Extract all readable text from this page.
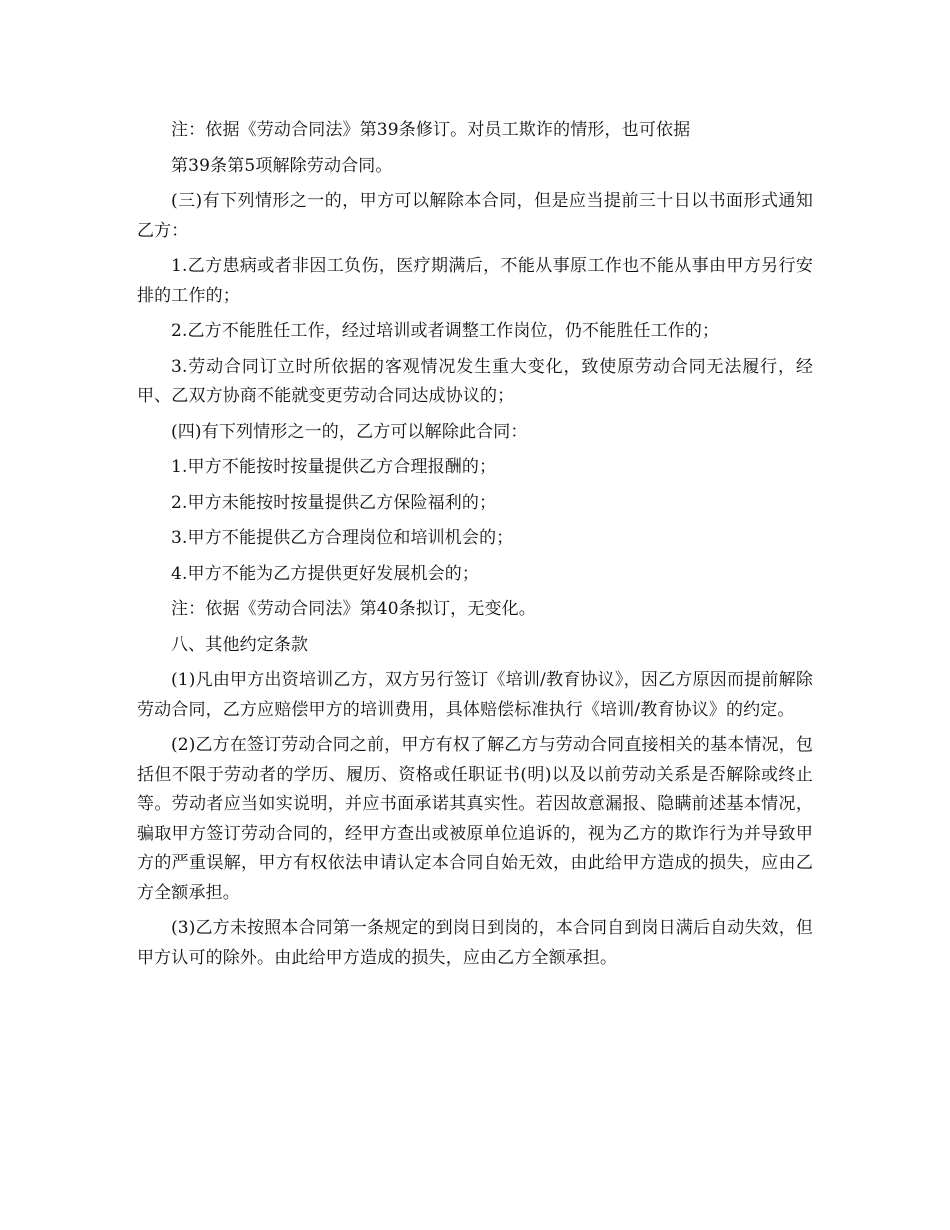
注：依据《劳动合同法》第39条修订。对员工欺诈的情形，也可依据

第39条第5项解除劳动合同。

(三)有下列情形之一的，甲方可以解除本合同，但是应当提前三十日以书面形式通知乙方：

1.乙方患病或者非因工负伤，医疗期满后，不能从事原工作也不能从事由甲方另行安排的工作的；

2.乙方不能胜任工作，经过培训或者调整工作岗位，仍不能胜任工作的；

3.劳动合同订立时所依据的客观情况发生重大变化，致使原劳动合同无法履行，经甲、乙双方协商不能就变更劳动合同达成协议的；

(四)有下列情形之一的，乙方可以解除此合同：

1.甲方不能按时按量提供乙方合理报酬的；

2.甲方未能按时按量提供乙方保险福利的；

3.甲方不能提供乙方合理岗位和培训机会的；

4.甲方不能为乙方提供更好发展机会的；

注：依据《劳动合同法》第40条拟订，无变化。

八、其他约定条款

(1)凡由甲方出资培训乙方，双方另行签订《培训/教育协议》，因乙方原因而提前解除劳动合同，乙方应赔偿甲方的培训费用，具体赔偿标准执行《培训/教育协议》的约定。

(2)乙方在签订劳动合同之前，甲方有权了解乙方与劳动合同直接相关的基本情况，包括但不限于劳动者的学历、履历、资格或任职证书(明)以及以前劳动关系是否解除或终止等。劳动者应当如实说明，并应书面承诺其真实性。若因故意漏报、隐瞒前述基本情况，骗取甲方签订劳动合同的，经甲方查出或被原单位追诉的，视为乙方的欺诈行为并导致甲方的严重误解，甲方有权依法申请认定本合同自始无效，由此给甲方造成的损失，应由乙方全额承担。

(3)乙方未按照本合同第一条规定的到岗日到岗的，本合同自到岗日满后自动失效，但甲方认可的除外。由此给甲方造成的损失，应由乙方全额承担。
